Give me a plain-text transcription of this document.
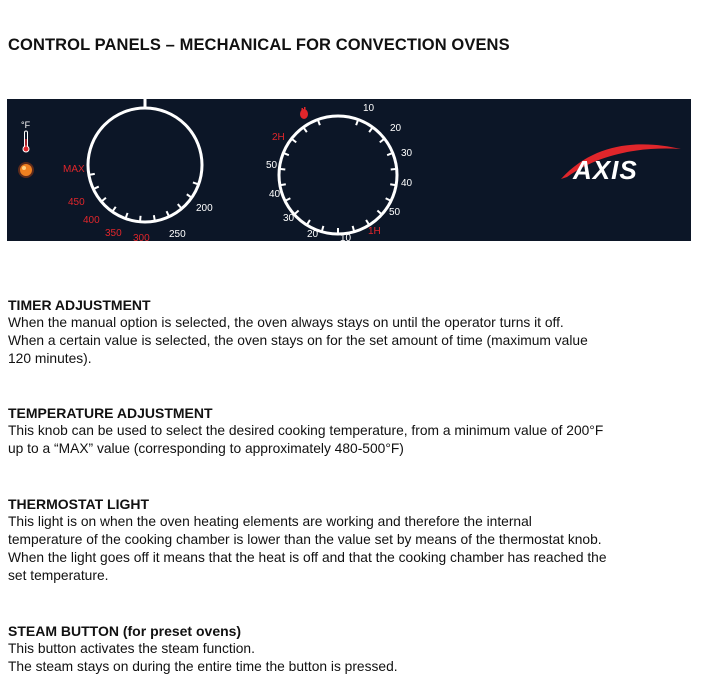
CONTROL PANELS – MECHANICAL FOR CONVECTION OVENS
°F
MAX
450
400
350 300 250
200
10
20
30
40
50
50
40
30
20 10
2H
1H
AXIS
TIMER ADJUSTMENT

When the manual option is selected, the oven always stays on until the operator turns it off.

When a certain value is selected, the oven stays on for the set amount of time (maximum value

120 minutes).

TEMPERATURE ADJUSTMENT

This knob can be used to select the desired cooking temperature, from a minimum value of 200°F

up to a “MAX” value (corresponding to approximately 480-500°F)

THERMOSTAT LIGHT

This light is on when the oven heating elements are working and therefore the internal

temperature of the cooking chamber is lower than the value set by means of the thermostat knob.

When the light goes off it means that the heat is off and that the cooking chamber has reached the

set temperature.

STEAM BUTTON (for preset ovens)

This button activates the steam function.

The steam stays on during the entire time the button is pressed.
